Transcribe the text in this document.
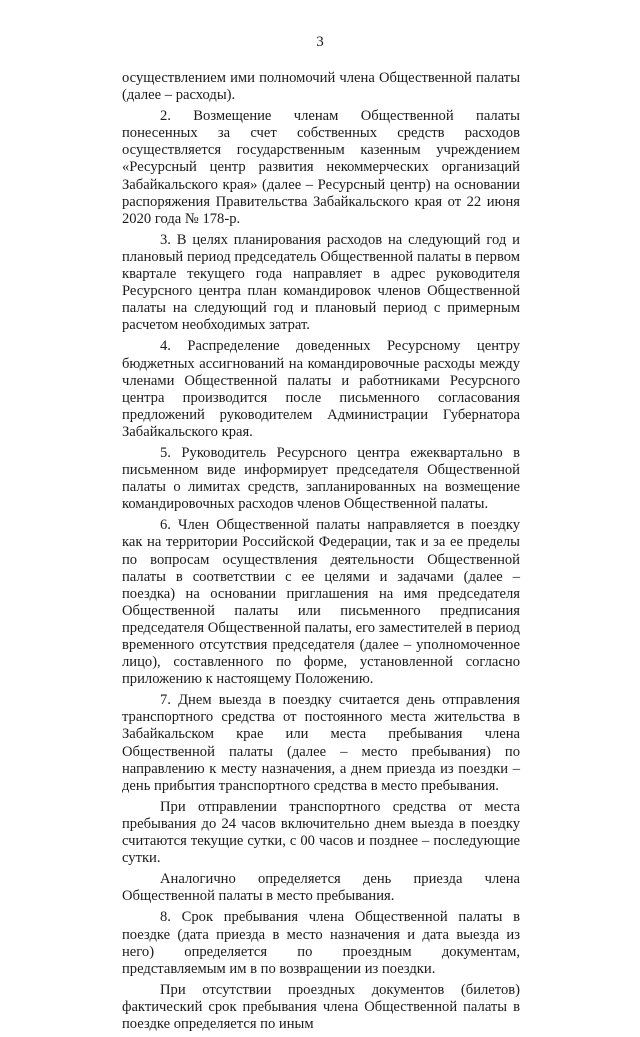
3

осуществлением ими полномочий члена Общественной палаты (далее – расходы).

2. Возмещение членам Общественной палаты понесенных за счет собственных средств расходов осуществляется государственным казенным учреждением «Ресурсный центр развития некоммерческих организаций Забайкальского края» (далее – Ресурсный центр) на основании распоряжения Правительства Забайкальского края от 22 июня 2020 года № 178-р.

3. В целях планирования расходов на следующий год и плановый период председатель Общественной палаты в первом квартале текущего года направляет в адрес руководителя Ресурсного центра план командировок членов Общественной палаты на следующий год и плановый период с примерным расчетом необходимых затрат.

4. Распределение доведенных Ресурсному центру бюджетных ассигнований на командировочные расходы между членами Общественной палаты и работниками Ресурсного центра производится после письменного согласования предложений руководителем Администрации Губернатора Забайкальского края.

5. Руководитель Ресурсного центра ежеквартально в письменном виде информирует председателя Общественной палаты о лимитах средств, запланированных на возмещение командировочных расходов членов Общественной палаты.

6. Член Общественной палаты направляется в поездку как на территории Российской Федерации, так и за ее пределы по вопросам осуществления деятельности Общественной палаты в соответствии с ее целями и задачами (далее – поездка) на основании приглашения на имя председателя Общественной палаты или письменного предписания председателя Общественной палаты, его заместителей в период временного отсутствия председателя (далее – уполномоченное лицо), составленного по форме, установленной согласно приложению к настоящему Положению.

7. Днем выезда в поездку считается день отправления транспортного средства от постоянного места жительства в Забайкальском крае или места пребывания члена Общественной палаты (далее – место пребывания) по направлению к месту назначения, а днем приезда из поездки – день прибытия транспортного средства в место пребывания.

При отправлении транспортного средства от места пребывания до 24 часов включительно днем выезда в поездку считаются текущие сутки, с 00 часов и позднее – последующие сутки.

Аналогично определяется день приезда члена Общественной палаты в место пребывания.

8. Срок пребывания члена Общественной палаты в поездке (дата приезда в место назначения и дата выезда из него) определяется по проездным документам, представляемым им в по возвращении из поездки.

При отсутствии проездных документов (билетов) фактический срок пребывания члена Общественной палаты в поездке определяется по иным
